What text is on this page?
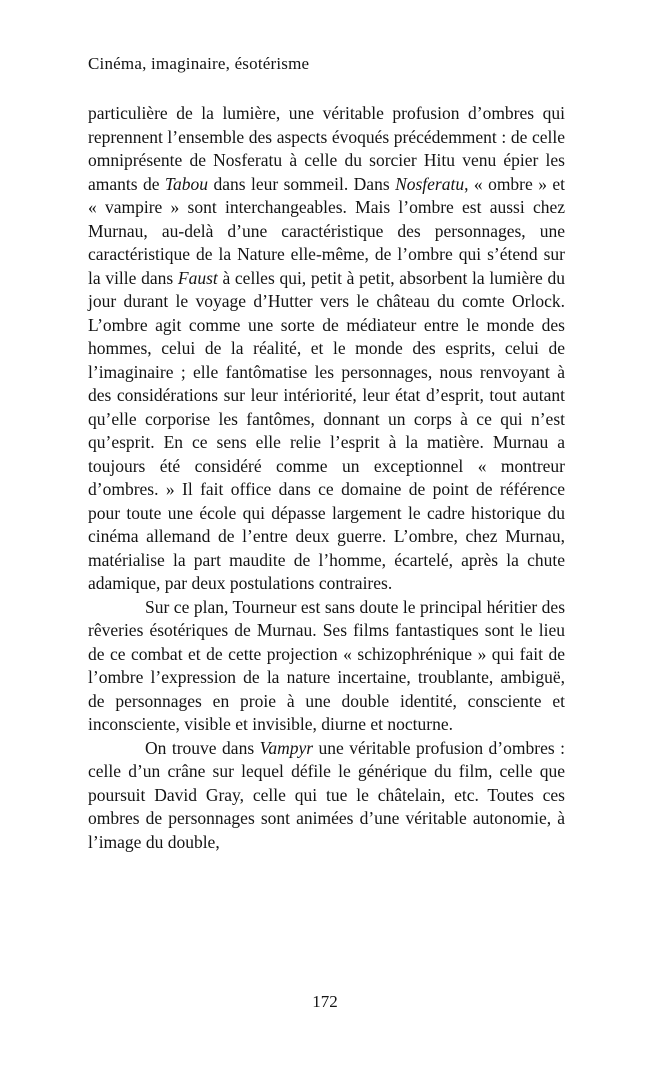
Cinéma, imaginaire, ésotérisme

particulière de la lumière, une véritable profusion d’ombres qui reprennent l’ensemble des aspects évoqués précédemment : de celle omniprésente de Nosferatu à celle du sorcier Hitu venu épier les amants de Tabou dans leur sommeil. Dans Nosferatu, « ombre » et « vampire » sont interchangeables. Mais l’ombre est aussi chez Murnau, au-delà d’une caractéristique des personnages, une caractéristique de la Nature elle-même, de l’ombre qui s’étend sur la ville dans Faust à celles qui, petit à petit, absorbent la lumière du jour durant le voyage d’Hutter vers le château du comte Orlock. L’ombre agit comme une sorte de médiateur entre le monde des hommes, celui de la réalité, et le monde des esprits, celui de l’imaginaire ; elle fantômatise les personnages, nous renvoyant à des considérations sur leur intériorité, leur état d’esprit, tout autant qu’elle corporise les fantômes, donnant un corps à ce qui n’est qu’esprit. En ce sens elle relie l’esprit à la matière. Murnau a toujours été considéré comme un exceptionnel « montreur d’ombres. » Il fait office dans ce domaine de point de référence pour toute une école qui dépasse largement le cadre historique du cinéma allemand de l’entre deux guerre. L’ombre, chez Murnau, matérialise la part maudite de l’homme, écartelé, après la chute adamique, par deux postulations contraires.

Sur ce plan, Tourneur est sans doute le principal héritier des rêveries ésotériques de Murnau. Ses films fantastiques sont le lieu de ce combat et de cette projection « schizophrénique » qui fait de l’ombre l’expression de la nature incertaine, troublante, ambiguë, de personnages en proie à une double identité, consciente et inconsciente, visible et invisible, diurne et nocturne.

On trouve dans Vampyr une véritable profusion d’ombres : celle d’un crâne sur lequel défile le générique du film, celle que poursuit David Gray, celle qui tue le châtelain, etc. Toutes ces ombres de personnages sont animées d’une véritable autonomie, à l’image du double,

172
